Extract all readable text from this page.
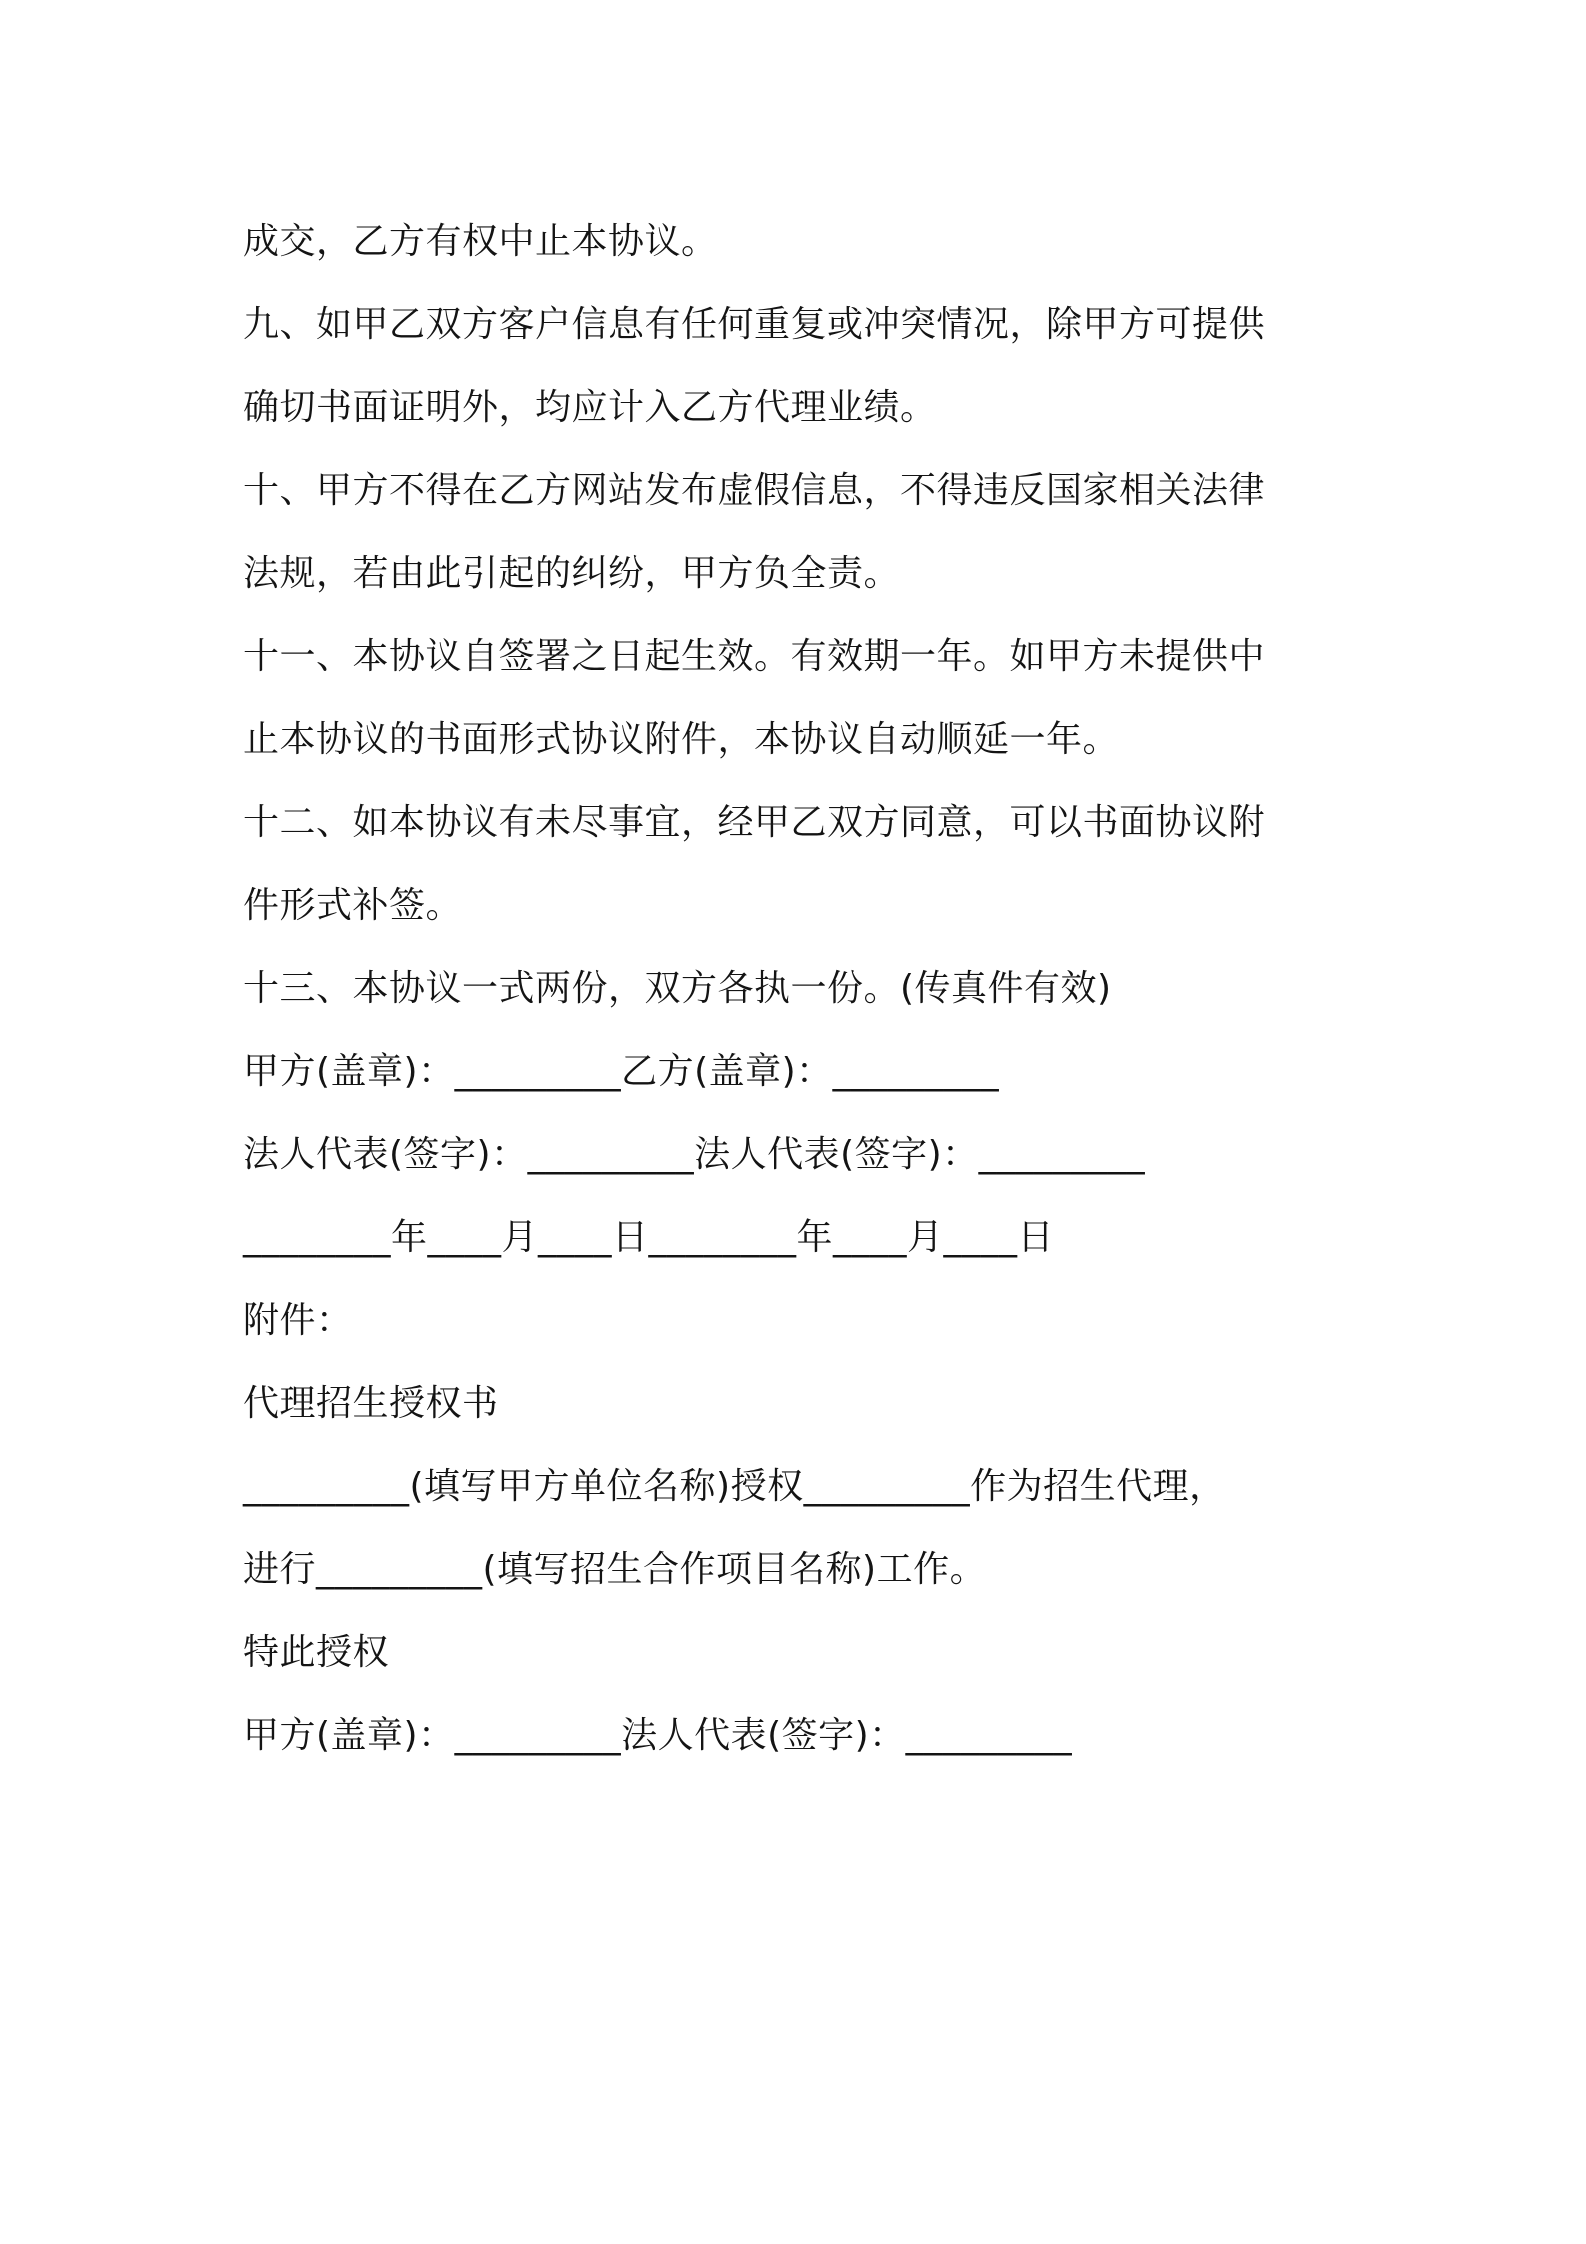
成交，乙方有权中止本协议。
九、如甲乙双方客户信息有任何重复或冲突情况，除甲方可提供
确切书面证明外，均应计入乙方代理业绩。
十、甲方不得在乙方网站发布虚假信息，不得违反国家相关法律
法规，若由此引起的纠纷，甲方负全责。
十一、本协议自签署之日起生效。有效期一年。如甲方未提供中
止本协议的书面形式协议附件，本协议自动顺延一年。
十二、如本协议有未尽事宜，经甲乙双方同意，可以书面协议附
件形式补签。
十三、本协议一式两份，双方各执一份。(传真件有效)
甲方(盖章)：_________乙方(盖章)：_________
法人代表(签字)：_________法人代表(签字)：_________
________年____月____日________年____月____日
附件：
代理招生授权书
_________(填写甲方单位名称)授权_________作为招生代理，
进行_________(填写招生合作项目名称)工作。
特此授权
甲方(盖章)：_________法人代表(签字)：_________
